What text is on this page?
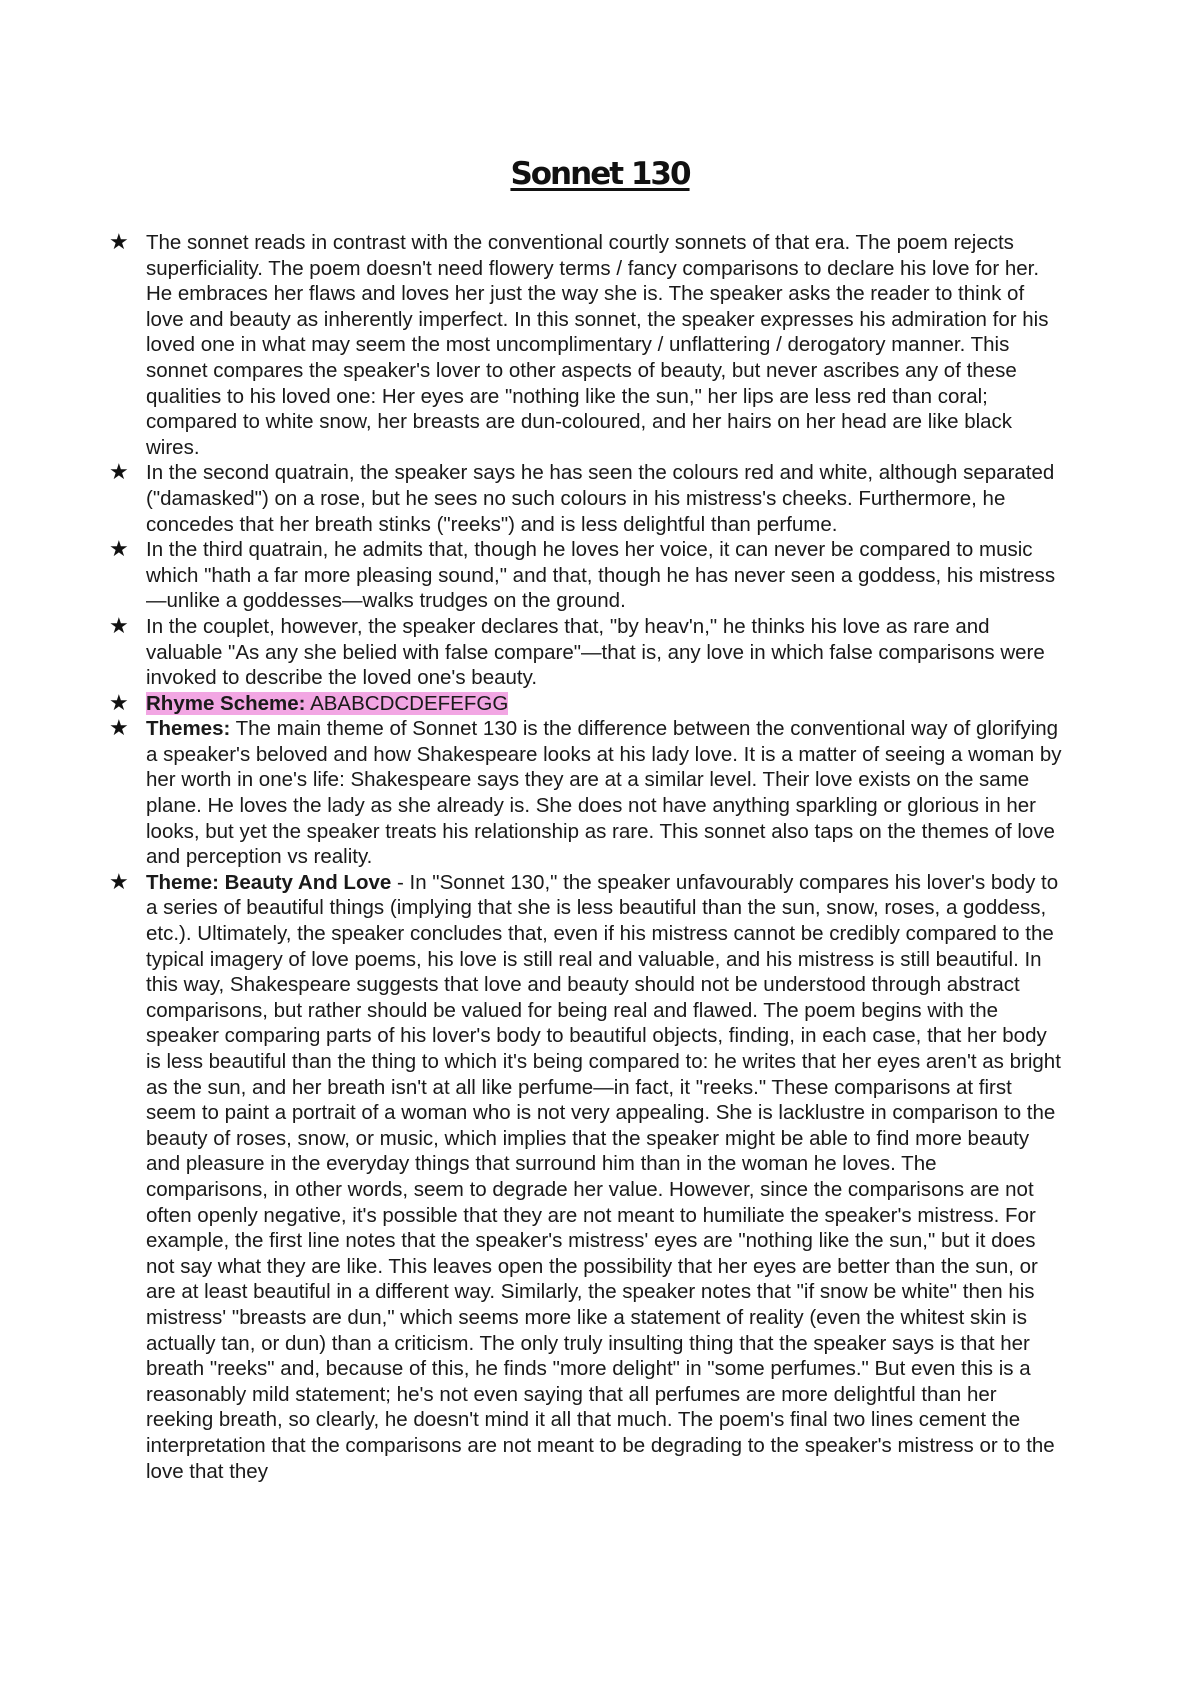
Sonnet 130
★ The sonnet reads in contrast with the conventional courtly sonnets of that era. The poem rejects superficiality. The poem doesn't need flowery terms / fancy comparisons to declare his love for her. He embraces her flaws and loves her just the way she is. The speaker asks the reader to think of love and beauty as inherently imperfect. In this sonnet, the speaker expresses his admiration for his loved one in what may seem the most uncomplimentary / unflattering / derogatory manner. This sonnet compares the speaker's lover to other aspects of beauty, but never ascribes any of these qualities to his loved one: Her eyes are "nothing like the sun," her lips are less red than coral; compared to white snow, her breasts are dun-coloured, and her hairs on her head are like black wires.
★ In the second quatrain, the speaker says he has seen the colours red and white, although separated ("damasked") on a rose, but he sees no such colours in his mistress's cheeks. Furthermore, he concedes that her breath stinks ("reeks") and is less delightful than perfume.
★ In the third quatrain, he admits that, though he loves her voice, it can never be compared to music which "hath a far more pleasing sound," and that, though he has never seen a goddess, his mistress—unlike a goddesses—walks trudges on the ground.
★ In the couplet, however, the speaker declares that, "by heav'n," he thinks his love as rare and valuable "As any she belied with false compare"—that is, any love in which false comparisons were invoked to describe the loved one's beauty.
★ Rhyme Scheme: ABABCDCDEFEFGG
★ Themes: The main theme of Sonnet 130 is the difference between the conventional way of glorifying a speaker's beloved and how Shakespeare looks at his lady love. It is a matter of seeing a woman by her worth in one's life: Shakespeare says they are at a similar level. Their love exists on the same plane. He loves the lady as she already is. She does not have anything sparkling or glorious in her looks, but yet the speaker treats his relationship as rare. This sonnet also taps on the themes of love and perception vs reality.
★ Theme: Beauty And Love - In "Sonnet 130," the speaker unfavourably compares his lover's body to a series of beautiful things (implying that she is less beautiful than the sun, snow, roses, a goddess, etc.). Ultimately, the speaker concludes that, even if his mistress cannot be credibly compared to the typical imagery of love poems, his love is still real and valuable, and his mistress is still beautiful. In this way, Shakespeare suggests that love and beauty should not be understood through abstract comparisons, but rather should be valued for being real and flawed. The poem begins with the speaker comparing parts of his lover's body to beautiful objects, finding, in each case, that her body is less beautiful than the thing to which it's being compared to: he writes that her eyes aren't as bright as the sun, and her breath isn't at all like perfume—in fact, it "reeks." These comparisons at first seem to paint a portrait of a woman who is not very appealing. She is lacklustre in comparison to the beauty of roses, snow, or music, which implies that the speaker might be able to find more beauty and pleasure in the everyday things that surround him than in the woman he loves. The comparisons, in other words, seem to degrade her value. However, since the comparisons are not often openly negative, it's possible that they are not meant to humiliate the speaker's mistress. For example, the first line notes that the speaker's mistress' eyes are "nothing like the sun," but it does not say what they are like. This leaves open the possibility that her eyes are better than the sun, or are at least beautiful in a different way. Similarly, the speaker notes that "if snow be white" then his mistress' "breasts are dun," which seems more like a statement of reality (even the whitest skin is actually tan, or dun) than a criticism. The only truly insulting thing that the speaker says is that her breath "reeks" and, because of this, he finds "more delight" in "some perfumes." But even this is a reasonably mild statement; he's not even saying that all perfumes are more delightful than her reeking breath, so clearly, he doesn't mind it all that much. The poem's final two lines cement the interpretation that the comparisons are not meant to be degrading to the speaker's mistress or to the love that they
